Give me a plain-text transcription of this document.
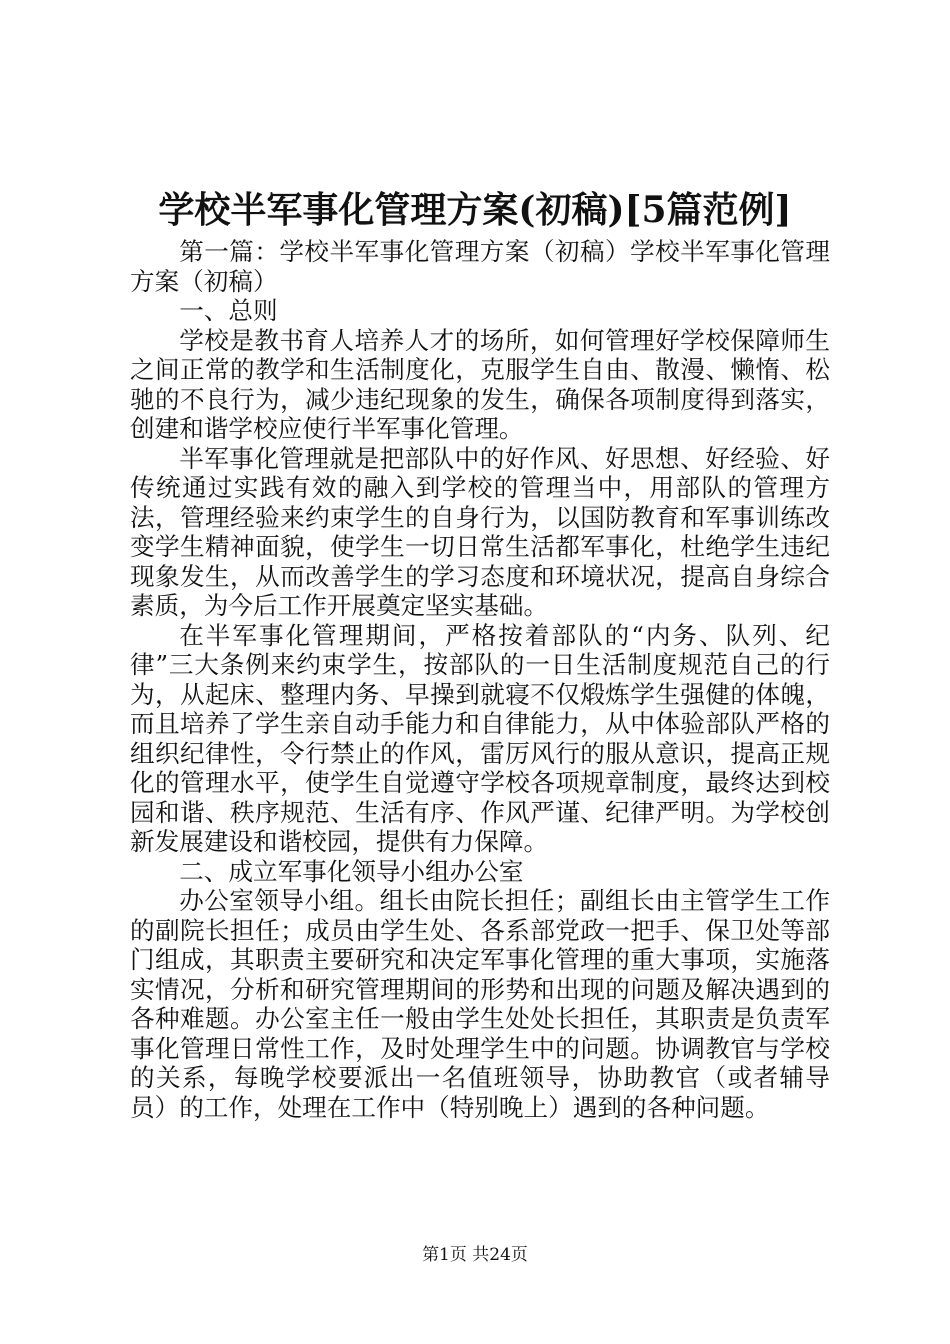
学校半军事化管理方案(初稿)[5篇范例]

第一篇：学校半军事化管理方案（初稿）学校半军事化管理方案（初稿）

一、总则

学校是教书育人培养人才的场所，如何管理好学校保障师生之间正常的教学和生活制度化，克服学生自由、散漫、懒惰、松驰的不良行为，减少违纪现象的发生，确保各项制度得到落实，创建和谐学校应使行半军事化管理。

半军事化管理就是把部队中的好作风、好思想、好经验、好传统通过实践有效的融入到学校的管理当中，用部队的管理方法，管理经验来约束学生的自身行为，以国防教育和军事训练改变学生精神面貌，使学生一切日常生活都军事化，杜绝学生违纪现象发生，从而改善学生的学习态度和环境状况，提高自身综合素质，为今后工作开展奠定坚实基础。

在半军事化管理期间，严格按着部队的“内务、队列、纪律”三大条例来约束学生，按部队的一日生活制度规范自己的行为，从起床、整理内务、早操到就寝不仅煅炼学生强健的体魄，而且培养了学生亲自动手能力和自律能力，从中体验部队严格的组织纪律性，令行禁止的作风，雷厉风行的服从意识，提高正规化的管理水平，使学生自觉遵守学校各项规章制度，最终达到校园和谐、秩序规范、生活有序、作风严谨、纪律严明。为学校创新发展建设和谐校园，提供有力保障。

二、成立军事化领导小组办公室

办公室领导小组。组长由院长担任；副组长由主管学生工作的副院长担任；成员由学生处、各系部党政一把手、保卫处等部门组成，其职责主要研究和决定军事化管理的重大事项，实施落实情况，分析和研究管理期间的形势和出现的问题及解决遇到的各种难题。办公室主任一般由学生处处长担任，其职责是负责军事化管理日常性工作，及时处理学生中的问题。协调教官与学校的关系，每晚学校要派出一名值班领导，协助教官（或者辅导员）的工作，处理在工作中（特别晚上）遇到的各种问题。

第1页 共24页
